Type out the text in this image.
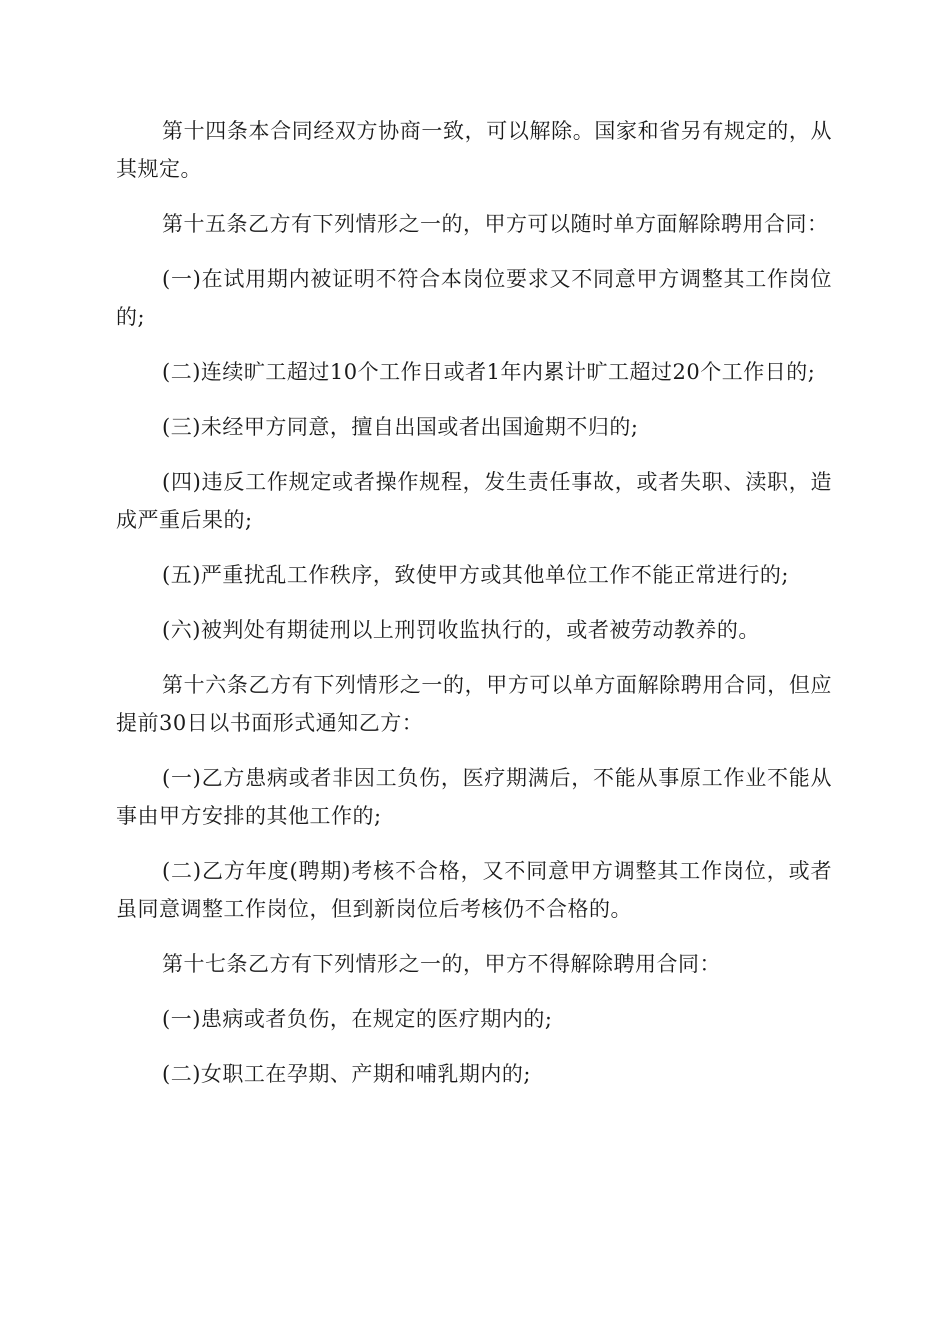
第十四条本合同经双方协商一致，可以解除。国家和省另有规定的，从其规定。

第十五条乙方有下列情形之一的，甲方可以随时单方面解除聘用合同：

(一)在试用期内被证明不符合本岗位要求又不同意甲方调整其工作岗位的;

(二)连续旷工超过10个工作日或者1年内累计旷工超过20个工作日的;

(三)未经甲方同意，擅自出国或者出国逾期不归的;

(四)违反工作规定或者操作规程，发生责任事故，或者失职、渎职，造成严重后果的;

(五)严重扰乱工作秩序，致使甲方或其他单位工作不能正常进行的;

(六)被判处有期徒刑以上刑罚收监执行的，或者被劳动教养的。

第十六条乙方有下列情形之一的，甲方可以单方面解除聘用合同，但应提前30日以书面形式通知乙方：

(一)乙方患病或者非因工负伤，医疗期满后，不能从事原工作业不能从事由甲方安排的其他工作的;

(二)乙方年度(聘期)考核不合格，又不同意甲方调整其工作岗位，或者虽同意调整工作岗位，但到新岗位后考核仍不合格的。

第十七条乙方有下列情形之一的，甲方不得解除聘用合同：

(一)患病或者负伤，在规定的医疗期内的;

(二)女职工在孕期、产期和哺乳期内的;
